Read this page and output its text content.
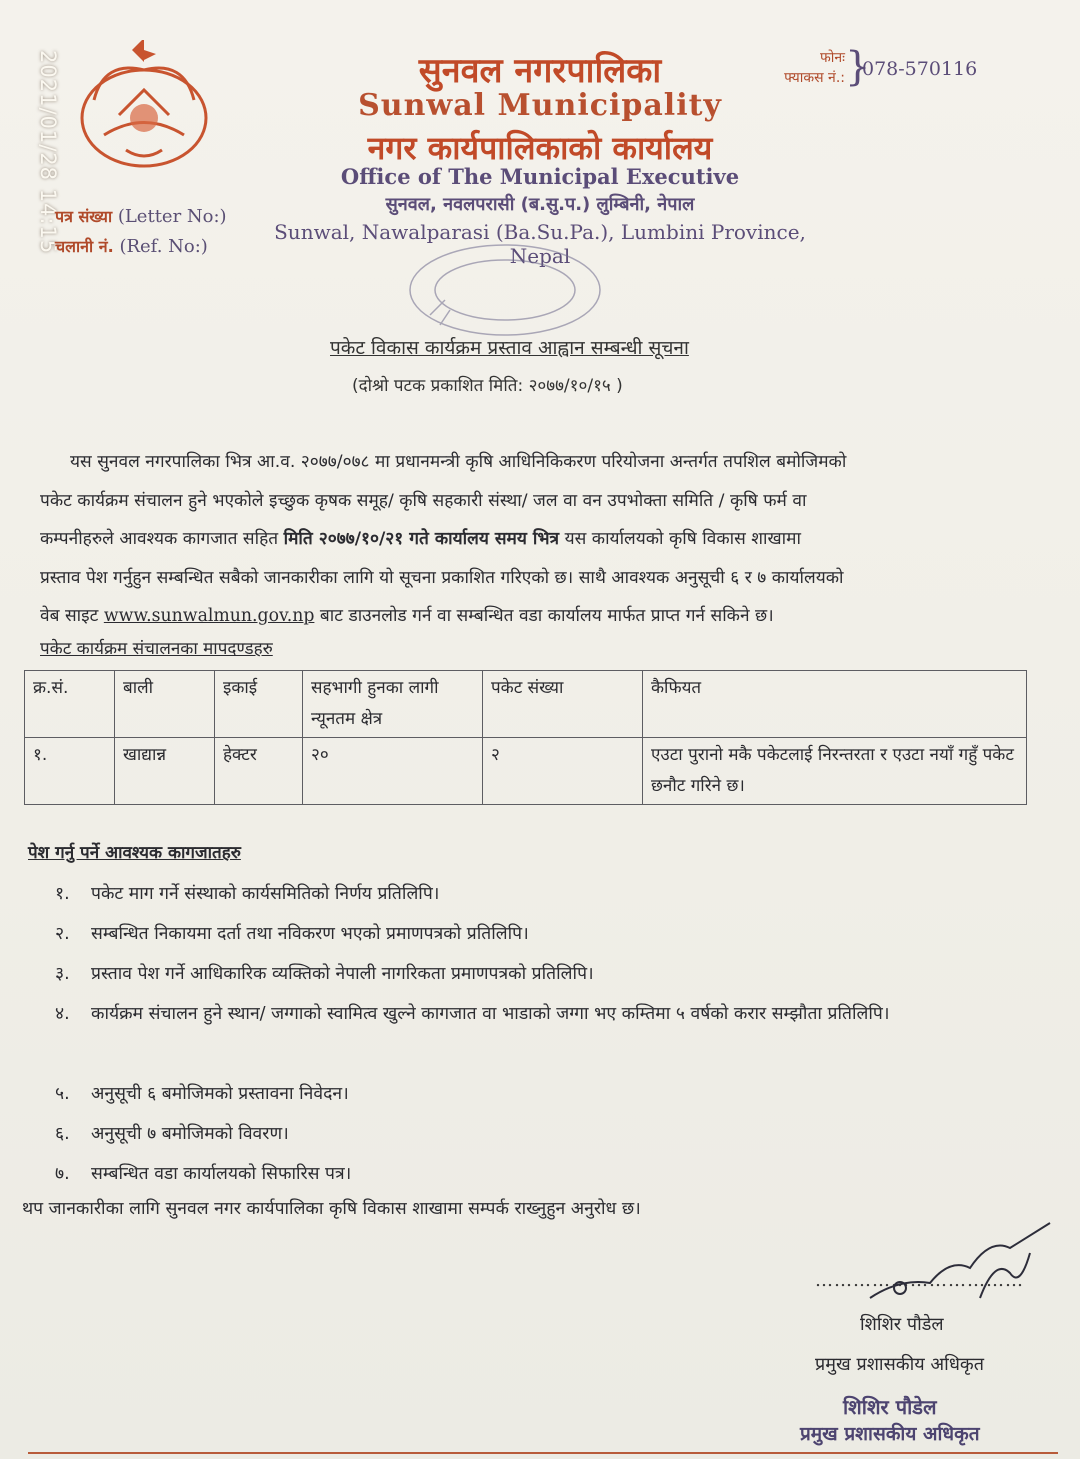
2021/01/28 14:15
पत्र संख्या (Letter No:)
चलानी नं. (Ref. No:)
सुनवल नगरपालिका
Sunwal Municipality
नगर कार्यपालिकाको कार्यालय
Office of The Municipal Executive
सुनवल, नवलपरासी (ब.सु.प.) लुम्बिनी, नेपाल
Sunwal, Nawalparasi (Ba.Su.Pa.), Lumbini Province, Nepal
फोनः
फ्याकस नं.: }
078-570116
पकेट विकास कार्यक्रम प्रस्ताव आह्वान सम्बन्धी सूचना
(दोश्रो पटक प्रकाशित मिति: २०७७/१०/१५ )
यस सुनवल नगरपालिका भित्र आ.व. २०७७/०७८ मा प्रधानमन्त्री कृषि आधिनिकिकरण परियोजना अन्तर्गत तपशिल बमोजिमको
पकेट कार्यक्रम संचालन हुने भएकोले इच्छुक कृषक समूह/ कृषि सहकारी संस्था/ जल वा वन उपभोक्ता समिति / कृषि फर्म वा
कम्पनीहरुले आवश्यक कागजात सहित मिति २०७७/१०/२१ गते कार्यालय समय भित्र यस कार्यालयको कृषि विकास शाखामा
प्रस्ताव पेश गर्नुहुन सम्बन्धित सबैको जानकारीका लागि यो सूचना प्रकाशित गरिएको छ। साथै आवश्यक अनुसूची ६ र ७ कार्यालयको
वेब साइट www.sunwalmun.gov.np बाट डाउनलोड गर्न वा सम्बन्धित वडा कार्यालय मार्फत प्राप्त गर्न सकिने छ।
पकेट कार्यक्रम संचालनका मापदण्डहरु
क्र.सं.	बाली	इकाई	सहभागी हुनका लागी न्यूनतम क्षेत्र	पकेट संख्या	कैफियत
१.	खाद्यान्न	हेक्टर	२०	२	एउटा पुरानो मकै पकेटलाई निरन्तरता र एउटा नयाँ गहुँ पकेट छनौट गरिने छ।
पेश गर्नु पर्ने आवश्यक कागजातहरु
१. पकेट माग गर्ने संस्थाको कार्यसमितिको निर्णय प्रतिलिपि।
२. सम्बन्धित निकायमा दर्ता तथा नविकरण भएको प्रमाणपत्रको प्रतिलिपि।
३. प्रस्ताव पेश गर्ने आधिकारिक व्यक्तिको नेपाली नागरिकता प्रमाणपत्रको प्रतिलिपि।
४. कार्यक्रम संचालन हुने स्थान/ जग्गाको स्वामित्व खुल्ने कागजात वा भाडाको जग्गा भए कम्तिमा ५ वर्षको करार सम्झौता प्रतिलिपि।
५. अनुसूची ६ बमोजिमको प्रस्तावना निवेदन।
६. अनुसूची ७ बमोजिमको विवरण।
७. सम्बन्धित वडा कार्यालयको सिफारिस पत्र।
थप जानकारीका लागि सुनवल नगर कार्यपालिका कृषि विकास शाखामा सम्पर्क राख्नुहुन अनुरोध छ।
……………………………
शिशिर पौडेल
प्रमुख प्रशासकीय अधिकृत
शिशिर पौडेल
प्रमुख प्रशासकीय अधिकृत
